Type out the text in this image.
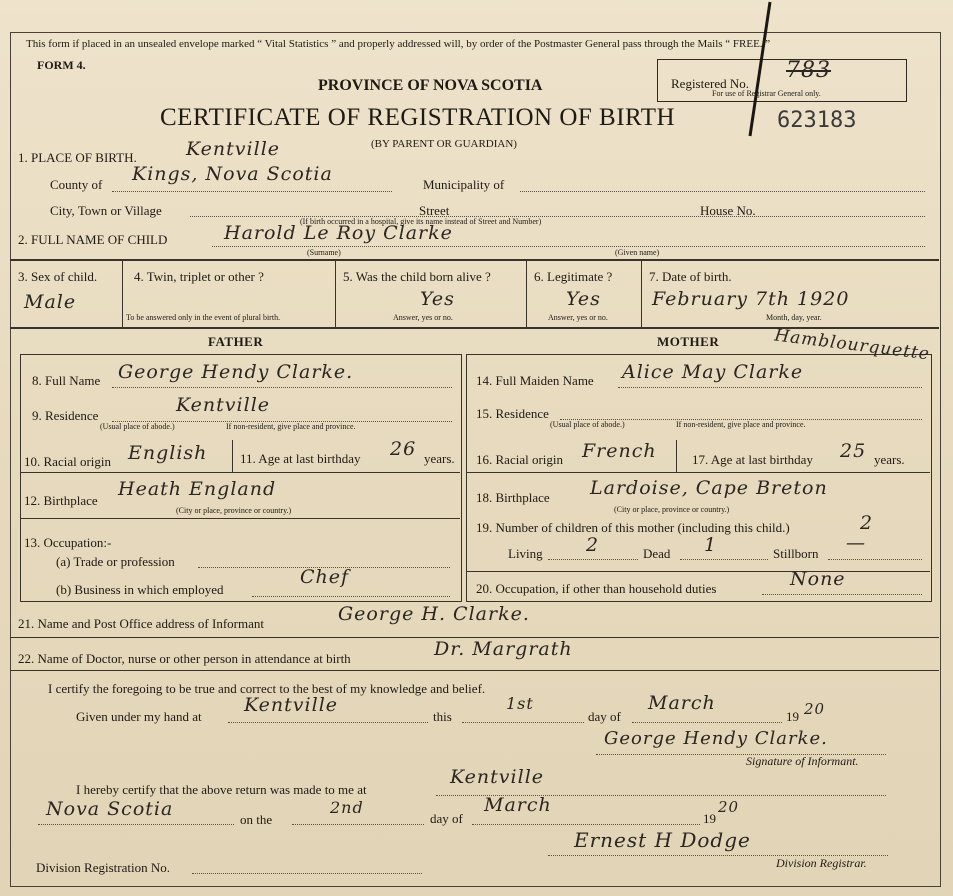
This form if placed in an unsealed envelope marked “ Vital Statistics ” and properly addressed will, by order of the Postmaster General pass through the Mails “ FREE. ”
FORM 4.
PROVINCE OF NOVA SCOTIA
CERTIFICATE OF REGISTRATION OF BIRTH
(BY PARENT OR GUARDIAN)
Registered No.
783
For use of Registrar General only.
623183
1. PLACE OF BIRTH.	Kentville
County of Kings, Nova Scotia	Municipality of
City, Town or Village	Street	House No.
(If birth occurred in a hospital, give its name instead of Street and Number)
2. FULL NAME OF CHILD	Harold Le Roy Clarke
(Surname)	(Given name)
3. Sex of child.
Male
4. Twin, triplet or other ?
To be answered only in the event of plural birth.
5. Was the child born alive ?
Yes
Answer, yes or no.
6. Legitimate ?
Yes
Answer, yes or no.
7. Date of birth.
February 7th 1920
Month, day, year.
FATHER	MOTHER
8. Full Name George Hendy Clarke.
9. Residence	Kentville
(Usual place of abode.)	If non-resident, give place and province.
10. Racial origin English	11. Age at last birthday 26 years.
12. Birthplace
Heath England
(City or place, province or country.)
13. Occupation:-
(a) Trade or profession
(b) Business in which employed
Chef
14. Full Maiden Name Alice May Clarke
Hamblourquette
15. Residence
(Usual place of abode.)	If non-resident, give place and province.
16. Racial origin French	17. Age at last birthday 25 years.
18. Birthplace Lardoise, Cape Breton
(City or place, province or country.)
19. Number of children of this mother (including this child.)	2
Living 2	Dead 1	Stillborn —
20. Occupation, if other than household duties	None
21. Name and Post Office address of Informant	George H. Clarke.
22. Name of Doctor, nurse or other person in attendance at birth	Dr. Margrath
I certify the foregoing to be true and correct to the best of my knowledge and belief.
Given under my hand at
Kentville
this
1st
day of
March
19 20
George Hendy Clarke.
Signature of Informant.
I hereby certify that the above return was made to me at
Kentville
Nova Scotia	on the
2nd
day of
March
19
20
Ernest H Dodge
Division Registrar.
Division Registration No.
